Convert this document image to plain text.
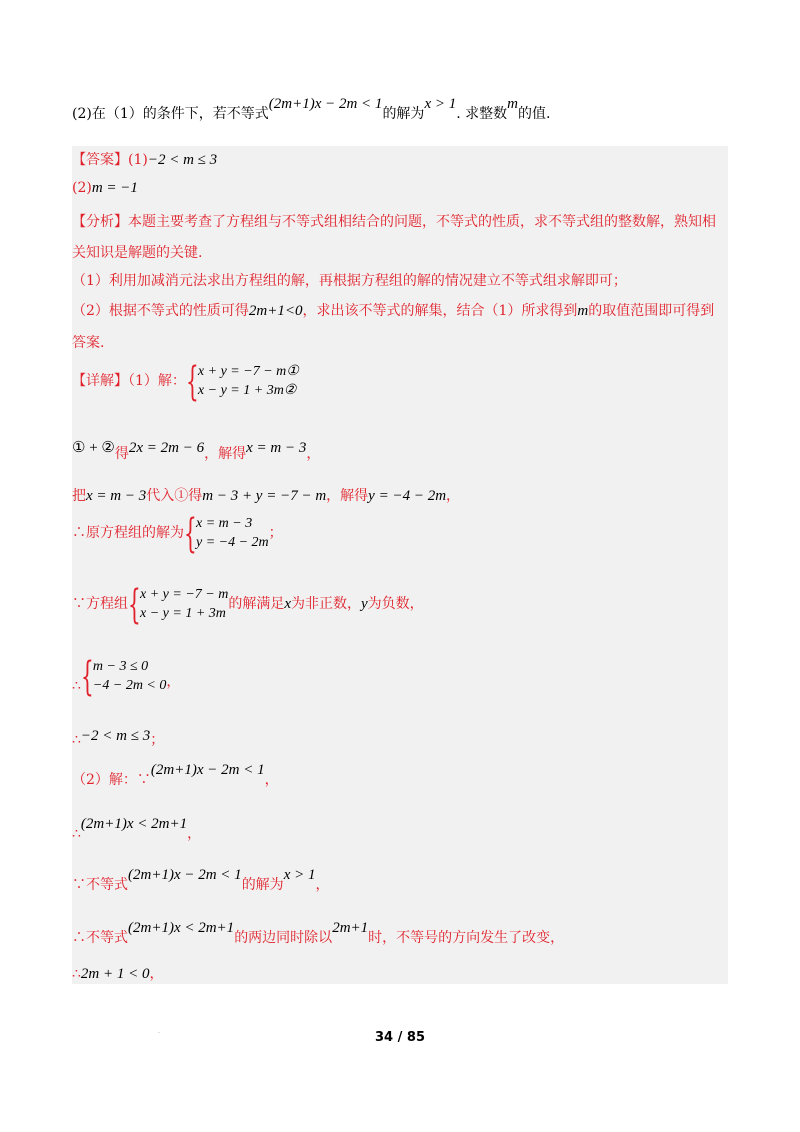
(2)在（1）的条件下，若不等式(2m+1)x − 2m < 1的解为x > 1. 求整数m的值.
【答案】(1)−2 < m ≤ 3
(2)m = −1
【分析】本题主要考查了方程组与不等式组相结合的问题，不等式的性质，求不等式组的整数解，熟知相
关知识是解题的关键.
（1）利用加减消元法求出方程组的解，再根据方程组的解的情况建立不等式组求解即可；
（2）根据不等式的性质可得2m+1<0，求出该不等式的解集，结合（1）所求得到m的取值范围即可得到
答案.
【详解】（1）解： { x + y = −7 − m①
x − y = 1 + 3m②
① + ②得2x = 2m − 6，解得x = m − 3，
把x = m − 3代入①得m − 3 + y = −7 − m，解得y = −4 − 2m，
∴原方程组的解为 { x = m − 3
y = −4 − 2m
；
∵方程组 { x + y = −7 − m
x − y = 1 + 3m
的解满足x为非正数，y为负数，
∴ { m − 3 ≤ 0
−4 − 2m < 0 ，
∴−2 < m ≤ 3；
（2）解：∵(2m+1)x − 2m < 1，
∴(2m+1)x < 2m+1，
∵不等式(2m+1)x − 2m < 1的解为x > 1，
∴不等式(2m+1)x < 2m+1的两边同时除以2m+1时，不等号的方向发生了改变，
∴2m + 1 < 0，
·	34 / 85
